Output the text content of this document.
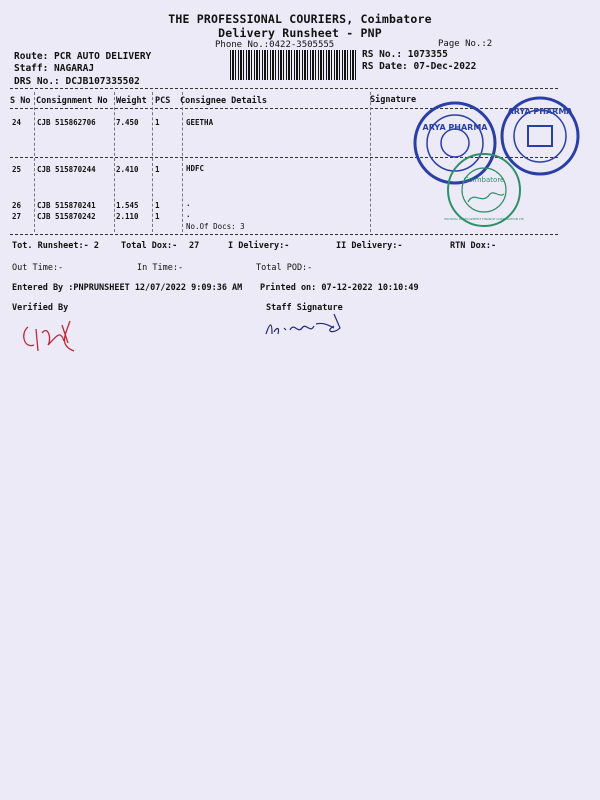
THE PROFESSIONAL COURIERS, Coimbatore
Delivery Runsheet - PNP
Phone No.:0422-3505555	Page No.:2
Route: PCR AUTO DELIVERY
Staff: NAGARAJ
DRS No.: DCJB107335502
RS No.: 1073355
RS Date: 07-Dec-2022
S No Consignment No Weight PCS Consignee Details	Signature
24 CJB 515862706	7.450 1	GEETHA
25 CJB 515870244	2.410 1	HDFC
26 CJB 515870241	1.545 1	.
27 CJB 515870242	2.110 1	.
No.Of Docs: 3
Tot. Runsheet:- 2	Total Dox:- 27	I Delivery:-	II Delivery:-	RTN Dox:-
Out Time:-	In Time:-	Total POD:-
Entered By :PNPRUNSHEET 12/07/2022 9:09:36 AM Printed on: 07-12-2022 10:10:49
Verified By	Staff Signature
ARYA PHARMA
ARYA PHARMA
Coimbatore
HOUSING DEVELOPMENT FINANCE CORPORATION LTD
